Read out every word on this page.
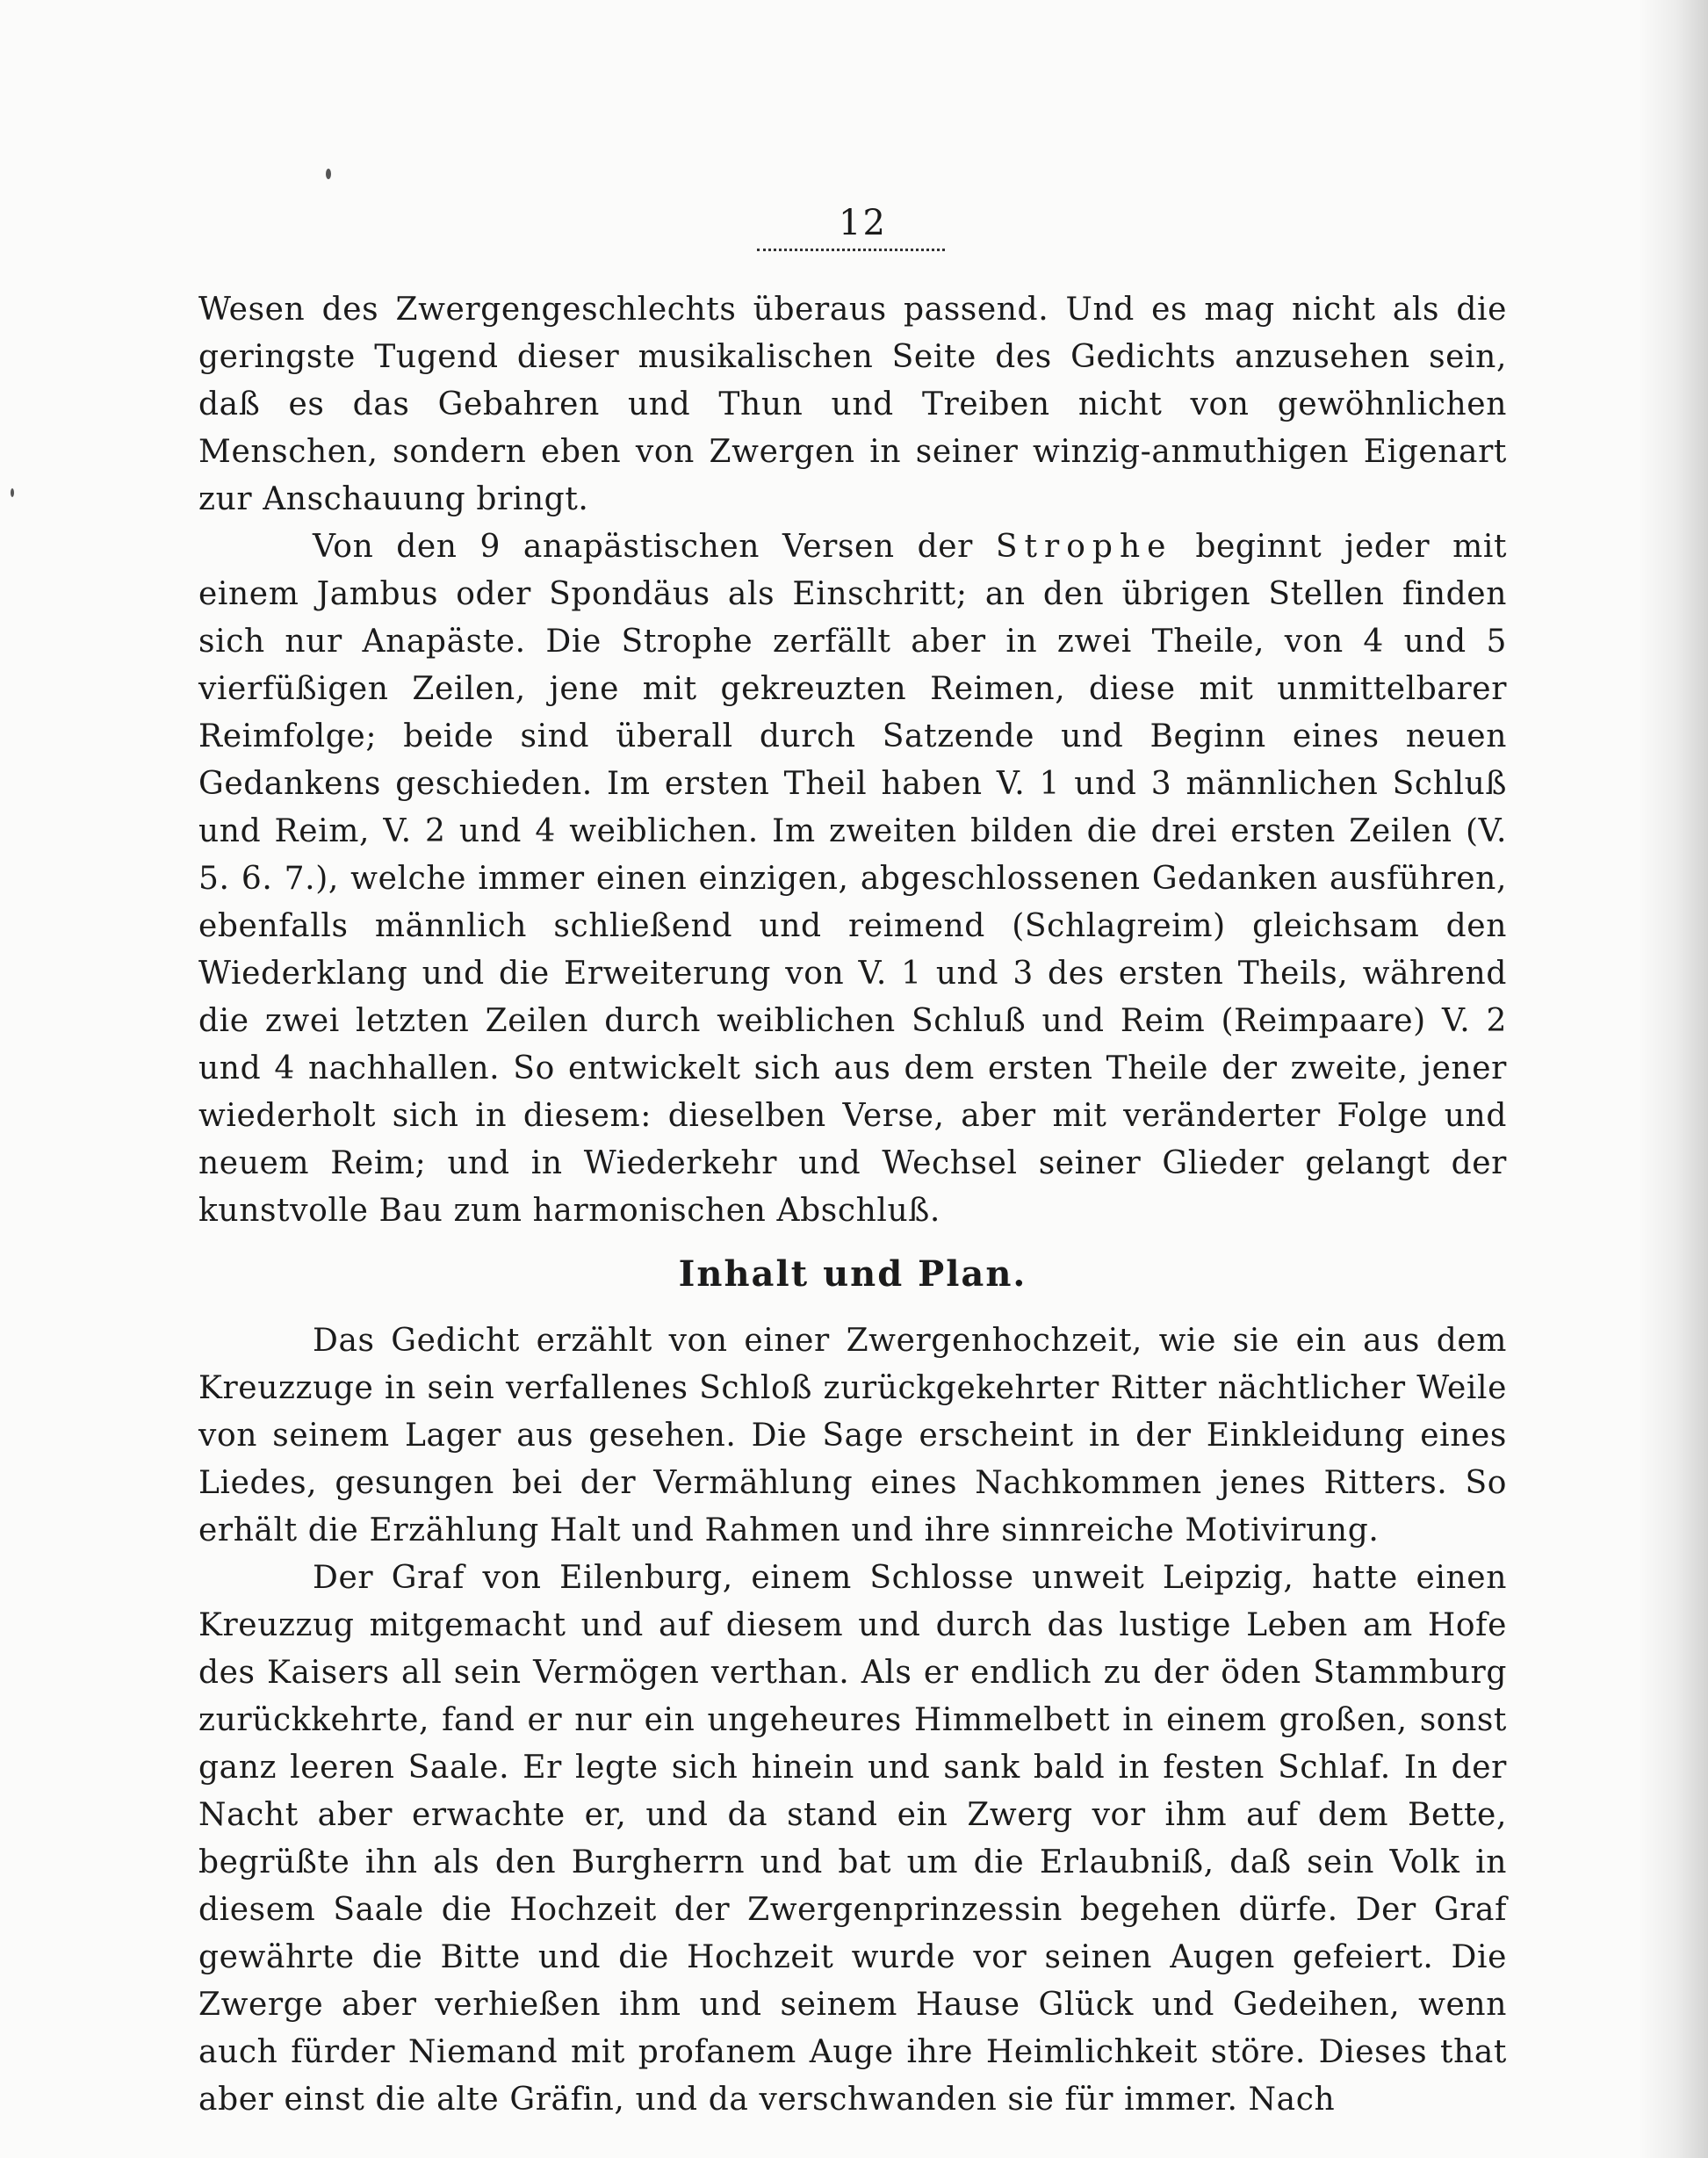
12

Wesen des Zwergengeschlechts überaus passend. Und es mag nicht als die geringste Tugend dieser musikalischen Seite des Gedichts anzusehen sein, daß es das Gebahren und Thun und Treiben nicht von gewöhnlichen Menschen, sondern eben von Zwergen in seiner winzig-anmuthigen Eigenart zur Anschauung bringt.

Von den 9 anapästischen Versen der Strophe beginnt jeder mit einem Jambus oder Spondäus als Einschritt; an den übrigen Stellen finden sich nur Anapäste. Die Strophe zerfällt aber in zwei Theile, von 4 und 5 vierfüßigen Zeilen, jene mit gekreuzten Reimen, diese mit unmittelbarer Reimfolge; beide sind überall durch Satzende und Beginn eines neuen Gedankens geschieden. Im ersten Theil haben V. 1 und 3 männlichen Schluß und Reim, V. 2 und 4 weiblichen. Im zweiten bilden die drei ersten Zeilen (V. 5. 6. 7.), welche immer einen einzigen, abgeschlossenen Gedanken ausführen, ebenfalls männlich schließend und reimend (Schlagreim) gleichsam den Wiederklang und die Erweiterung von V. 1 und 3 des ersten Theils, während die zwei letzten Zeilen durch weiblichen Schluß und Reim (Reimpaare) V. 2 und 4 nachhallen. So entwickelt sich aus dem ersten Theile der zweite, jener wiederholt sich in diesem: dieselben Verse, aber mit veränderter Folge und neuem Reim; und in Wiederkehr und Wechsel seiner Glieder gelangt der kunstvolle Bau zum harmonischen Abschluß.

Inhalt und Plan.

Das Gedicht erzählt von einer Zwergenhochzeit, wie sie ein aus dem Kreuzzuge in sein verfallenes Schloß zurückgekehrter Ritter nächtlicher Weile von seinem Lager aus gesehen. Die Sage erscheint in der Einkleidung eines Liedes, gesungen bei der Vermählung eines Nachkommen jenes Ritters. So erhält die Erzählung Halt und Rahmen und ihre sinnreiche Motivirung.

Der Graf von Eilenburg, einem Schlosse unweit Leipzig, hatte einen Kreuzzug mitgemacht und auf diesem und durch das lustige Leben am Hofe des Kaisers all sein Vermögen verthan. Als er endlich zu der öden Stammburg zurückkehrte, fand er nur ein ungeheures Himmelbett in einem großen, sonst ganz leeren Saale. Er legte sich hinein und sank bald in festen Schlaf. In der Nacht aber erwachte er, und da stand ein Zwerg vor ihm auf dem Bette, begrüßte ihn als den Burgherrn und bat um die Erlaubniß, daß sein Volk in diesem Saale die Hochzeit der Zwergenprinzessin begehen dürfe. Der Graf gewährte die Bitte und die Hochzeit wurde vor seinen Augen gefeiert. Die Zwerge aber verhießen ihm und seinem Hause Glück und Gedeihen, wenn auch fürder Niemand mit profanem Auge ihre Heimlichkeit störe. Dieses that aber einst die alte Gräfin, und da verschwanden sie für immer. Nach
